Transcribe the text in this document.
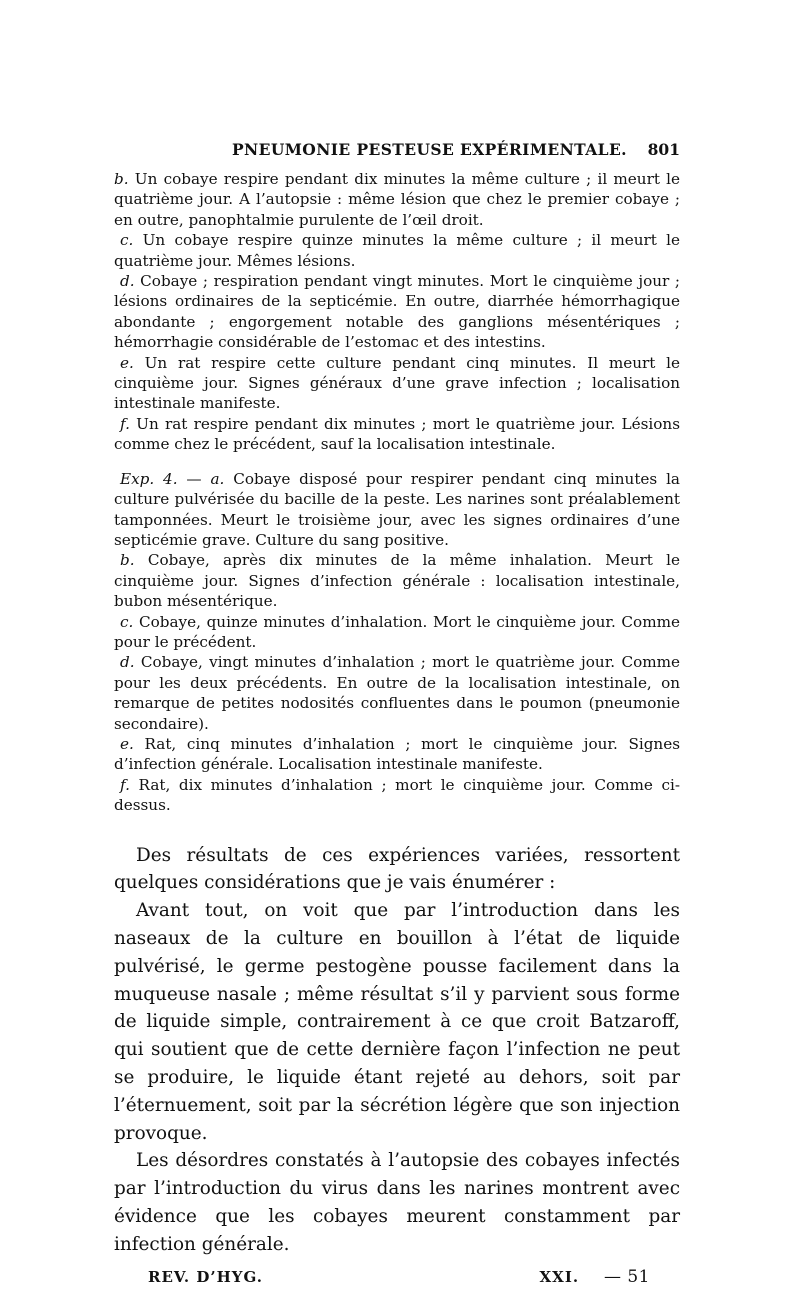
PNEUMONIE PESTEUSE EXPÉRIMENTALE. 801

b. Un cobaye respire pendant dix minutes la même culture ; il meurt le quatrième jour. A l’autopsie : même lésion que chez le premier cobaye ; en outre, panophtalmie purulente de l’œil droit.

c. Un cobaye respire quinze minutes la même culture ; il meurt le quatrième jour. Mêmes lésions.

d. Cobaye ; respiration pendant vingt minutes. Mort le cinquième jour ; lésions ordinaires de la septicémie. En outre, diarrhée hémorrhagique abondante ; engorgement notable des ganglions mésentériques ; hémorrhagie considérable de l’estomac et des intestins.

e. Un rat respire cette culture pendant cinq minutes. Il meurt le cinquième jour. Signes généraux d’une grave infection ; localisation intestinale manifeste.

f. Un rat respire pendant dix minutes ; mort le quatrième jour. Lésions comme chez le précédent, sauf la localisation intestinale.

Exp. 4. — a. Cobaye disposé pour respirer pendant cinq minutes la culture pulvérisée du bacille de la peste. Les narines sont préalablement tamponnées. Meurt le troisième jour, avec les signes ordinaires d’une septicémie grave. Culture du sang positive.

b. Cobaye, après dix minutes de la même inhalation. Meurt le cinquième jour. Signes d’infection générale : localisation intestinale, bubon mésentérique.

c. Cobaye, quinze minutes d’inhalation. Mort le cinquième jour. Comme pour le précédent.

d. Cobaye, vingt minutes d’inhalation ; mort le quatrième jour. Comme pour les deux précédents. En outre de la localisation intestinale, on remarque de petites nodosités confluentes dans le poumon (pneumonie secondaire).

e. Rat, cinq minutes d’inhalation ; mort le cinquième jour. Signes d’infection générale. Localisation intestinale manifeste.

f. Rat, dix minutes d’inhalation ; mort le cinquième jour. Comme ci-dessus.

Des résultats de ces expériences variées, ressortent quelques considérations que je vais énumérer :

Avant tout, on voit que par l’introduction dans les naseaux de la culture en bouillon à l’état de liquide pulvérisé, le germe pestogène pousse facilement dans la muqueuse nasale ; même résultat s’il y parvient sous forme de liquide simple, contrairement à ce que croit Batzaroff, qui soutient que de cette dernière façon l’infection ne peut se produire, le liquide étant rejeté au dehors, soit par l’éternuement, soit par la sécrétion légère que son injection provoque.

Les désordres constatés à l’autopsie des cobayes infectés par l’introduction du virus dans les narines montrent avec évidence que les cobayes meurent constamment par infection générale.

REV. D’HYG.	XXI. — 51
